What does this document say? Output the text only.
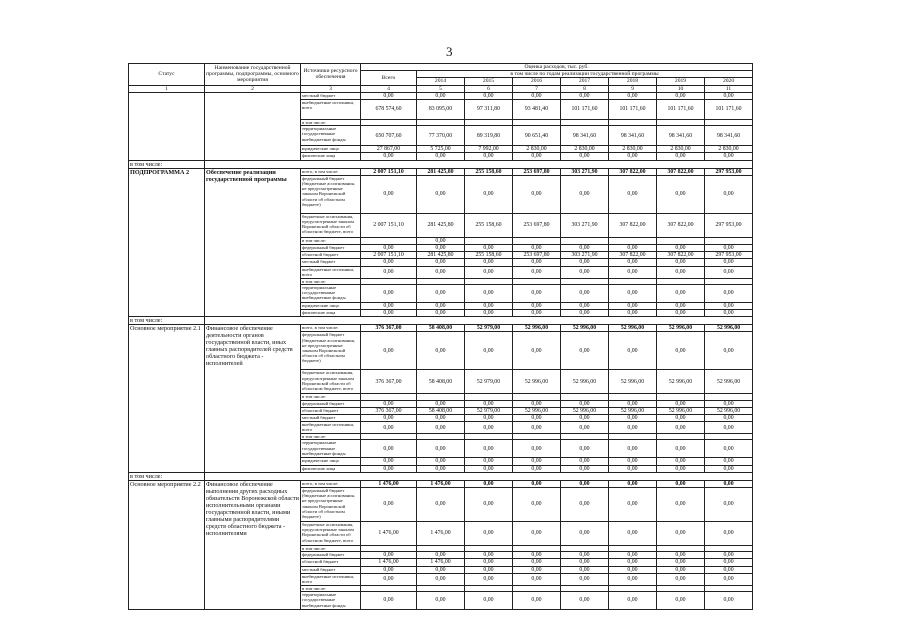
3
Статус	Наименование государственной программы, подпрограммы, основного мероприятия	Источники ресурсного обеспечения	Оценка расходов, тыс. руб.							
			Всего	в том числе по годам реализации государственной программы						
				2014	2015	2016	2017	2018	2019	2020
1	2	3	4	5	6	7	8	9	10	11
		местный бюджет	0,00	0,00	0,00	0,00	0,00	0,00	0,00	0,00
		внебюджетные источники, всего	678 574,60	83 095,00	97 311,80	93 481,40	101 171,60	101 171,60	101 171,60	101 171,60
		в том числе:								
		территориальные государственные внебюджетные фонды	650 707,60	77 370,00	89 319,80	90 651,40	98 341,60	98 341,60	98 341,60	98 341,60
		юридические лица	27 867,00	5 725,00	7 992,00	2 830,00	2 830,00	2 830,00	2 830,00	2 830,00
		физические лица	0,00	0,00	0,00	0,00	0,00	0,00	0,00	0,00
в том числе:										
ПОДПРОГРАММА 2	Обеспечение реализации государственной программы	всего, в том числе:	2 007 151,10	281 425,80	255 158,60	253 697,80	303 271,90	307 822,00	307 822,00	297 953,00
		федеральный бюджет (бюджетные ассигнования, не предусмотренные законом Воронежской области об областном бюджете)	0,00	0,00	0,00	0,00	0,00	0,00	0,00	0,00
		бюджетные ассигнования, предусмотренные законом Воронежской области об областном бюджете, всего	2 007 151,10	281 425,80	255 158,60	253 697,80	303 271,90	307 822,00	307 822,00	297 953,00
		в том числе:		0,00						
		федеральный бюджет	0,00	0,00	0,00	0,00	0,00	0,00	0,00	0,00
		областной бюджет	2 007 151,10	281 425,80	255 158,60	253 697,80	303 271,90	307 822,00	307 822,00	297 953,00
		местный бюджет	0,00	0,00	0,00	0,00	0,00	0,00	0,00	0,00
		внебюджетные источники, всего	0,00	0,00	0,00	0,00	0,00	0,00	0,00	0,00
		в том числе:								
		территориальные государственные внебюджетные фонды	0,00	0,00	0,00	0,00	0,00	0,00	0,00	0,00
		юридические лица	0,00	0,00	0,00	0,00	0,00	0,00	0,00	0,00
		физические лица	0,00	0,00	0,00	0,00	0,00	0,00	0,00	0,00
в том числе:										
Основное мероприятие 2.1	Финансовое обеспечение деятельности органов государственной власти, иных главных распорядителей средств областного бюджета - исполнителей	всего, в том числе:	376 367,00	58 408,00	52 979,00	52 996,00	52 996,00	52 996,00	52 996,00	52 996,00
		федеральный бюджет (бюджетные ассигнования, не предусмотренные законом Воронежской области об областном бюджете)	0,00	0,00	0,00	0,00	0,00	0,00	0,00	0,00
		бюджетные ассигнования, предусмотренные законом Воронежской области об областном бюджете, всего	376 367,00	58 408,00	52 979,00	52 996,00	52 996,00	52 996,00	52 996,00	52 996,00
		в том числе:								
		федеральный бюджет	0,00	0,00	0,00	0,00	0,00	0,00	0,00	0,00
		областной бюджет	376 367,00	58 408,00	52 979,00	52 996,00	52 996,00	52 996,00	52 996,00	52 996,00
		местный бюджет	0,00	0,00	0,00	0,00	0,00	0,00	0,00	0,00
		внебюджетные источники, всего	0,00	0,00	0,00	0,00	0,00	0,00	0,00	0,00
		в том числе:								
		территориальные государственные внебюджетные фонды	0,00	0,00	0,00	0,00	0,00	0,00	0,00	0,00
		юридические лица	0,00	0,00	0,00	0,00	0,00	0,00	0,00	0,00
		физические лица	0,00	0,00	0,00	0,00	0,00	0,00	0,00	0,00
в том числе:										
Основное мероприятие 2.2	Финансовое обеспечение выполнения других расходных обязательств Воронежской области исполнительными органами государственной власти, иными главными распорядителями средств областного бюджета - исполнителями	всего, в том числе:	1 476,00	1 476,00	0,00	0,00	0,00	0,00	0,00	0,00
		федеральный бюджет (бюджетные ассигнования, не предусмотренные законом Воронежской области об областном бюджете)	0,00	0,00	0,00	0,00	0,00	0,00	0,00	0,00
		бюджетные ассигнования, предусмотренные законом Воронежской области об областном бюджете, всего	1 476,00	1 476,00	0,00	0,00	0,00	0,00	0,00	0,00
		в том числе:								
		федеральный бюджет	0,00	0,00	0,00	0,00	0,00	0,00	0,00	0,00
		областной бюджет	1 476,00	1 476,00	0,00	0,00	0,00	0,00	0,00	0,00
		местный бюджет	0,00	0,00	0,00	0,00	0,00	0,00	0,00	0,00
		внебюджетные источники, всего	0,00	0,00	0,00	0,00	0,00	0,00	0,00	0,00
		в том числе:								
		территориальные государственные внебюджетные фонды	0,00	0,00	0,00	0,00	0,00	0,00	0,00	0,00
